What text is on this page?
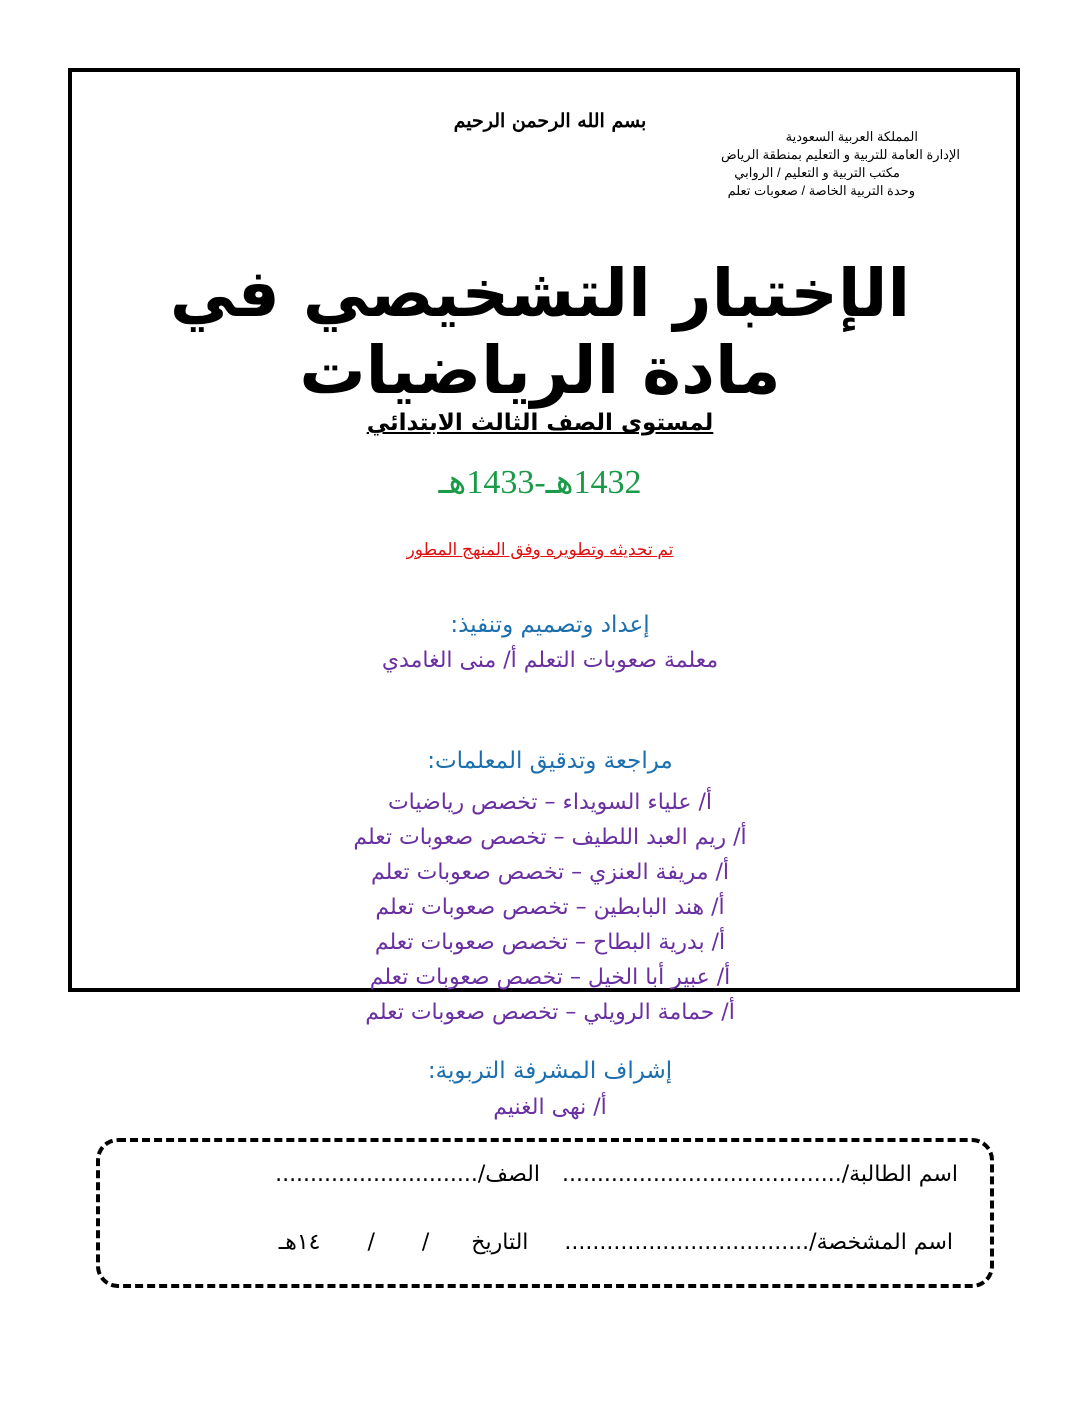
بسم الله الرحمن الرحيم
المملكة العربية السعودية
الإدارة العامة للتربية و التعليم بمنطقة الرياض
مكتب التربية و التعليم / الروابي
وحدة التربية الخاصة / صعوبات تعلم
الإختبار التشخيصي في مادة الرياضيات
لمستوى الصف الثالث الابتدائي
1432هـ-1433هـ
تم تحديثه وتطويره وفق المنهج المطور
إعداد وتصميم وتنفيذ:
معلمة صعوبات التعلم أ/ منى الغامدي
مراجعة وتدقيق المعلمات:
أ/ علياء السويداء – تخصص رياضيات
أ/ ريم العبد اللطيف – تخصص صعوبات تعلم
أ/ مريفة العنزي – تخصص صعوبات تعلم
أ/ هند البابطين – تخصص صعوبات تعلم
أ/ بدرية البطاح – تخصص صعوبات تعلم
أ/ عبير أبا الخيل – تخصص صعوبات تعلم
أ/ حمامة الرويلي – تخصص صعوبات تعلم
إشراف المشرفة التربوية:
أ/ نهى الغنيم
اسم الطالبة/........................................  الصف/.............................
اسم المشخصة/...................................  التاريخ  / / ١٤هـ
